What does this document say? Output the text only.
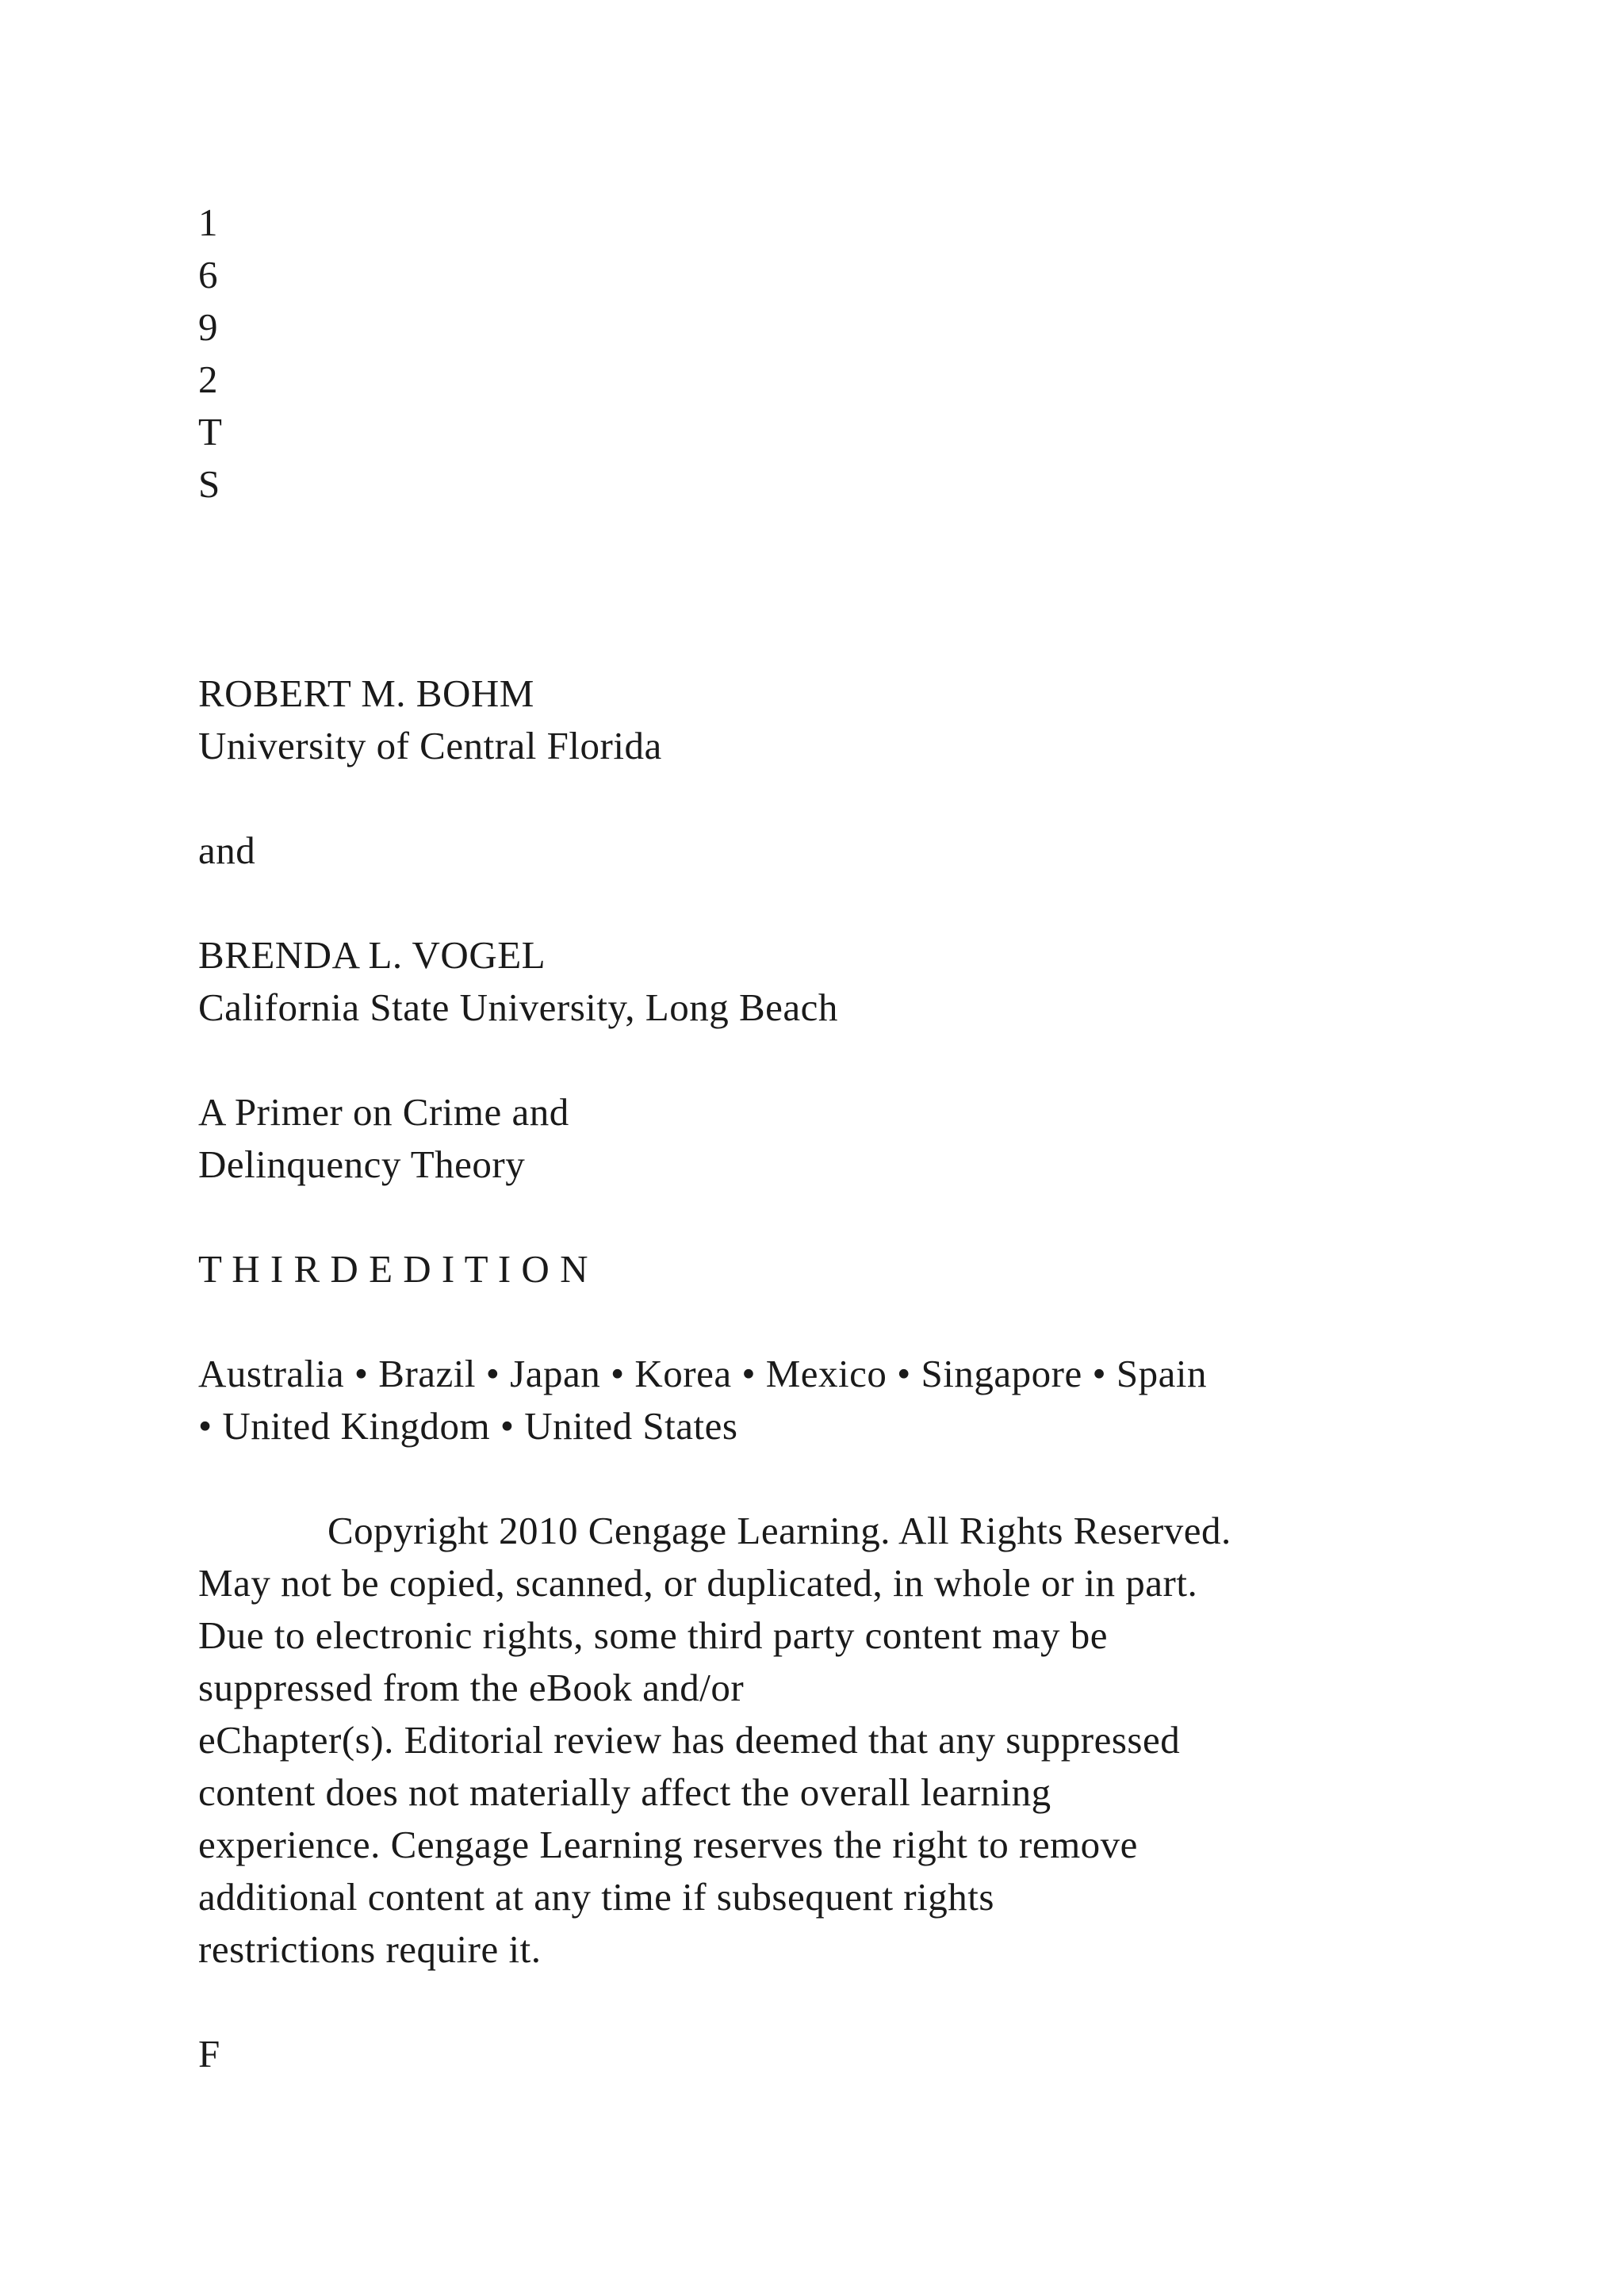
1
6
9
2
T
S
ROBERT M. BOHM
University of Central Florida
and
BRENDA L. VOGEL
California State University, Long Beach
A Primer on Crime and
Delinquency Theory
T H I R D E D I T I O N
Australia • Brazil • Japan • Korea • Mexico • Singapore • Spain
• United Kingdom • United States
Copyright 2010 Cengage Learning. All Rights Reserved.
May not be copied, scanned, or duplicated, in whole or in part.
Due to electronic rights, some third party content may be
suppressed from the eBook and/or
eChapter(s). Editorial review has deemed that any suppressed
content does not materially affect the overall learning
experience. Cengage Learning reserves the right to remove
additional content at any time if subsequent rights
restrictions require it.
F
